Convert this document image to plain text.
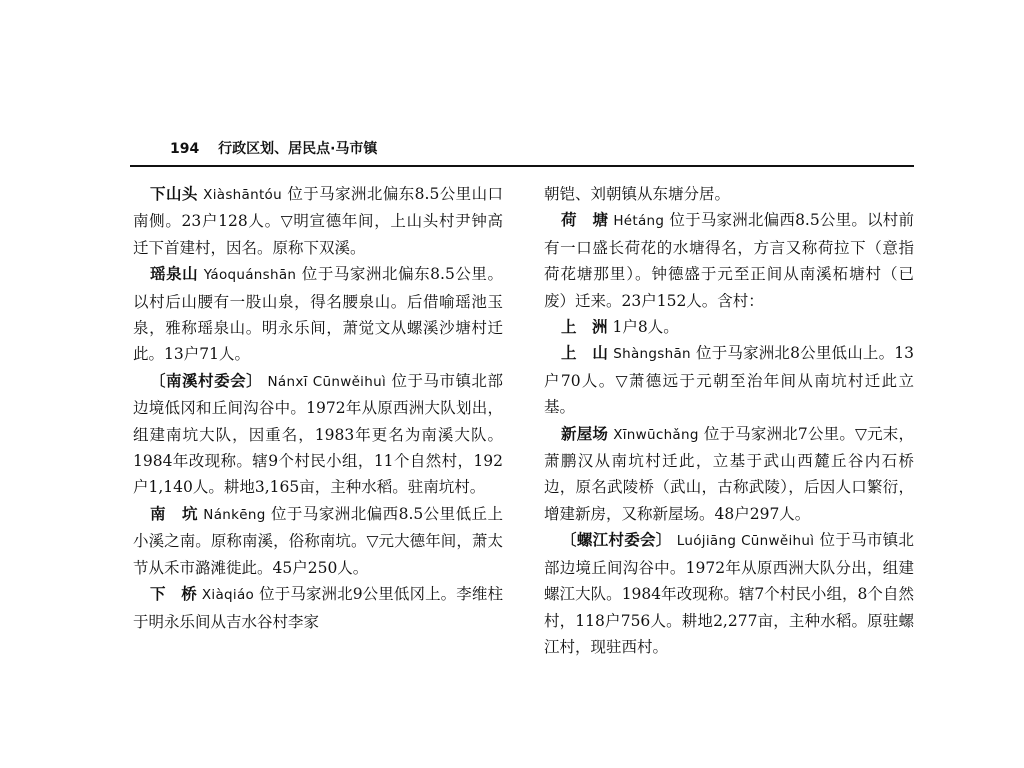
194 行政区划、居民点·马市镇

下山头 Xiàshāntóu 位于马家洲北偏东8.5公里山口南侧。23户128人。▽明宣德年间，上山头村尹钟高迁下首建村，因名。原称下双溪。

瑶泉山 Yáoquánshān 位于马家洲北偏东8.5公里。以村后山腰有一股山泉，得名腰泉山。后借喻瑶池玉泉，雅称瑶泉山。明永乐间，萧觉文从螺溪沙塘村迁此。13户71人。

〔南溪村委会〕 Nánxī Cūnwěihuì 位于马市镇北部边境低冈和丘间沟谷中。1972年从原西洲大队划出，组建南坑大队，因重名，1983年更名为南溪大队。1984年改现称。辖9个村民小组，11个自然村，192户1,140人。耕地3,165亩，主种水稻。驻南坑村。

南　坑 Nánkēng 位于马家洲北偏西8.5公里低丘上小溪之南。原称南溪，俗称南坑。▽元大德年间，萧太节从禾市潞滩徙此。45户250人。

下　桥 Xiàqiáo 位于马家洲北9公里低冈上。李维柱于明永乐间从吉水谷村李家

朝铠、刘朝镇从东塘分居。

荷　塘 Hétáng 位于马家洲北偏西8.5公里。以村前有一口盛长荷花的水塘得名，方言又称荷拉下（意指荷花塘那里）。钟德盛于元至正间从南溪柘塘村（已废）迁来。23户152人。含村：

上　洲 1户8人。

上　山 Shàngshān 位于马家洲北8公里低山上。13户70人。▽萧德远于元朝至治年间从南坑村迁此立基。

新屋场 Xīnwūchǎng 位于马家洲北7公里。▽元末，萧鹏汉从南坑村迁此，立基于武山西麓丘谷内石桥边，原名武陵桥（武山，古称武陵），后因人口繁衍，增建新房，又称新屋场。48户297人。

〔螺江村委会〕 Luójiāng Cūnwěihuì 位于马市镇北部边境丘间沟谷中。1972年从原西洲大队分出，组建螺江大队。1984年改现称。辖7个村民小组，8个自然村，118户756人。耕地2,277亩，主种水稻。原驻螺江村，现驻西村。
